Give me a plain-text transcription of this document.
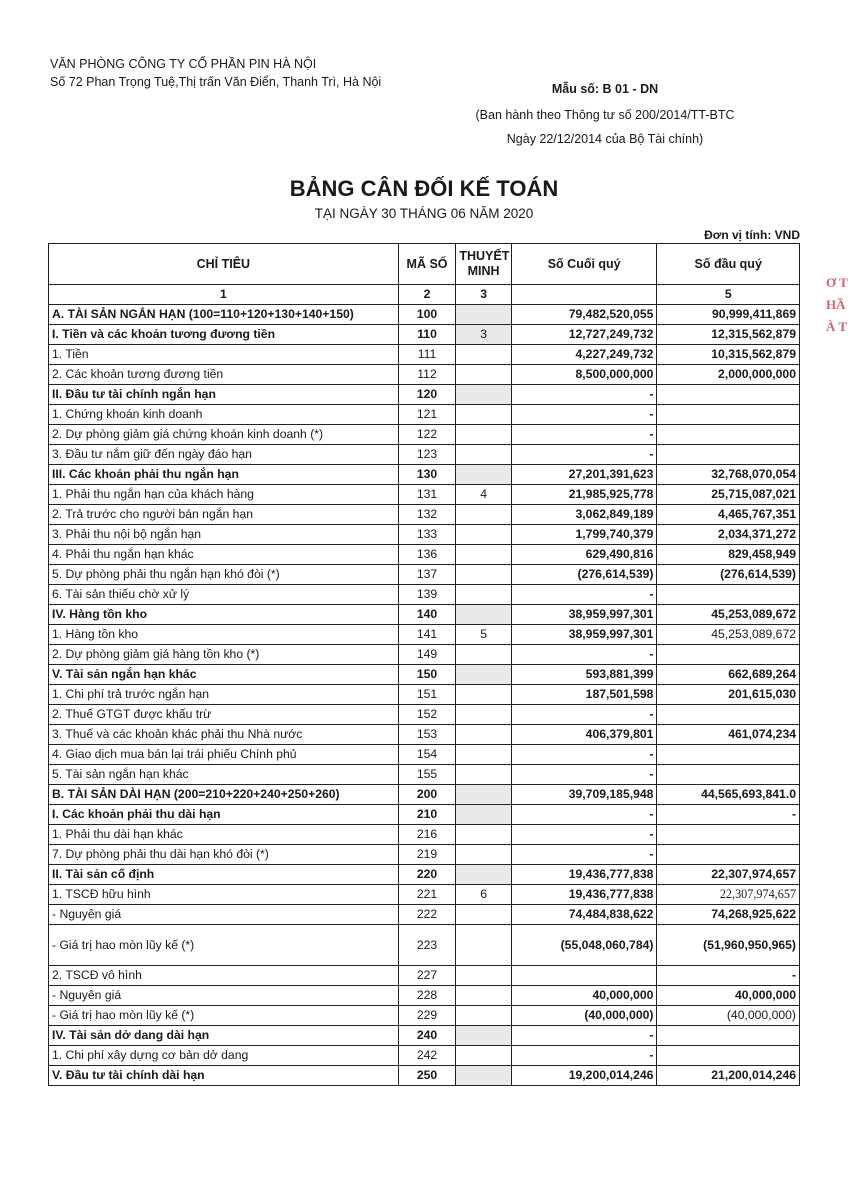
VĂN PHÒNG CÔNG TY CỔ PHẦN PIN HÀ NỘI
Số 72 Phan Trọng Tuệ,Thị trấn Văn Điển, Thanh Trì, Hà Nội	Mẫu số: B 01 - DN
(Ban hành theo Thông tư số 200/2014/TT-BTC
Ngày 22/12/2014 của Bộ Tài chính)
BẢNG CÂN ĐỐI KẾ TOÁN
TẠI NGÀY 30 THÁNG 06 NĂM 2020
Đơn vị tính: VND
CHỈ TIÊU	MÃ SỐ	THUYẾT MINH	Số Cuối quý	Số đầu quý
1	2	3		5
A. TÀI SẢN NGẮN HẠN (100=110+120+130+140+150)	100		79,482,520,055	90,999,411,869
I. Tiền và các khoản tương đương tiền	110	3	12,727,249,732	12,315,562,879
1. Tiền	111		4,227,249,732	10,315,562,879
2. Các khoản tương đương tiền	112		8,500,000,000	2,000,000,000
II. Đầu tư tài chính ngắn hạn	120		-	
1. Chứng khoán kinh doanh	121		-	
2. Dự phòng giảm giá chứng khoán kinh doanh (*)	122		-	
3. Đầu tư nắm giữ đến ngày đáo hạn	123		-	
III. Các khoản phải thu ngắn hạn	130		27,201,391,623	32,768,070,054
1. Phải thu ngắn hạn của khách hàng	131	4	21,985,925,778	25,715,087,021
2. Trả trước cho người bán ngắn hạn	132		3,062,849,189	4,465,767,351
3. Phải thu nội bộ ngắn hạn	133		1,799,740,379	2,034,371,272
4. Phải thu ngắn hạn khác	136		629,490,816	829,458,949
5. Dự phòng phải thu ngắn hạn khó đòi (*)	137		(276,614,539)	(276,614,539)
6. Tài sản thiếu chờ xử lý	139		-	
IV. Hàng tồn kho	140		38,959,997,301	45,253,089,672
1. Hàng tồn kho	141	5	38,959,997,301	45,253,089,672
2. Dự phòng giảm giá hàng tồn kho (*)	149		-	
V. Tài sản ngắn hạn khác	150		593,881,399	662,689,264
1. Chi phí trả trước ngắn hạn	151		187,501,598	201,615,030
2. Thuế GTGT được khấu trừ	152		-	
3. Thuế và các khoản khác phải thu Nhà nước	153		406,379,801	461,074,234
4. Giao dịch mua bán lại trái phiếu Chính phủ	154		-	
5. Tài sản ngắn hạn khác	155		-	
B. TÀI SẢN DÀI HẠN (200=210+220+240+250+260)	200		39,709,185,948	44,565,693,841.0
I. Các khoản phải thu dài hạn	210		-	-
1. Phải thu dài hạn khác	216		-	
7. Dự phòng phải thu dài hạn khó đòi (*)	219		-	
II. Tài sản cố định	220		19,436,777,838	22,307,974,657
1. TSCĐ hữu hình	221	6	19,436,777,838	22,307,974,657
- Nguyên giá	222		74,484,838,622	74,268,925,622
- Giá trị hao mòn lũy kế (*)	223		(55,048,060,784)	(51,960,950,965)
2. TSCĐ vô hình	227			-
- Nguyên giá	228		40,000,000	40,000,000
- Giá trị hao mòn lũy kế (*)	229		(40,000,000)	(40,000,000)
IV. Tài sản dở dang dài hạn	240		-	
1. Chi phí xây dựng cơ bản dở dang	242		-	
V. Đầu tư tài chính dài hạn	250		19,200,014,246	21,200,014,246
Ơ T HẦ À T
